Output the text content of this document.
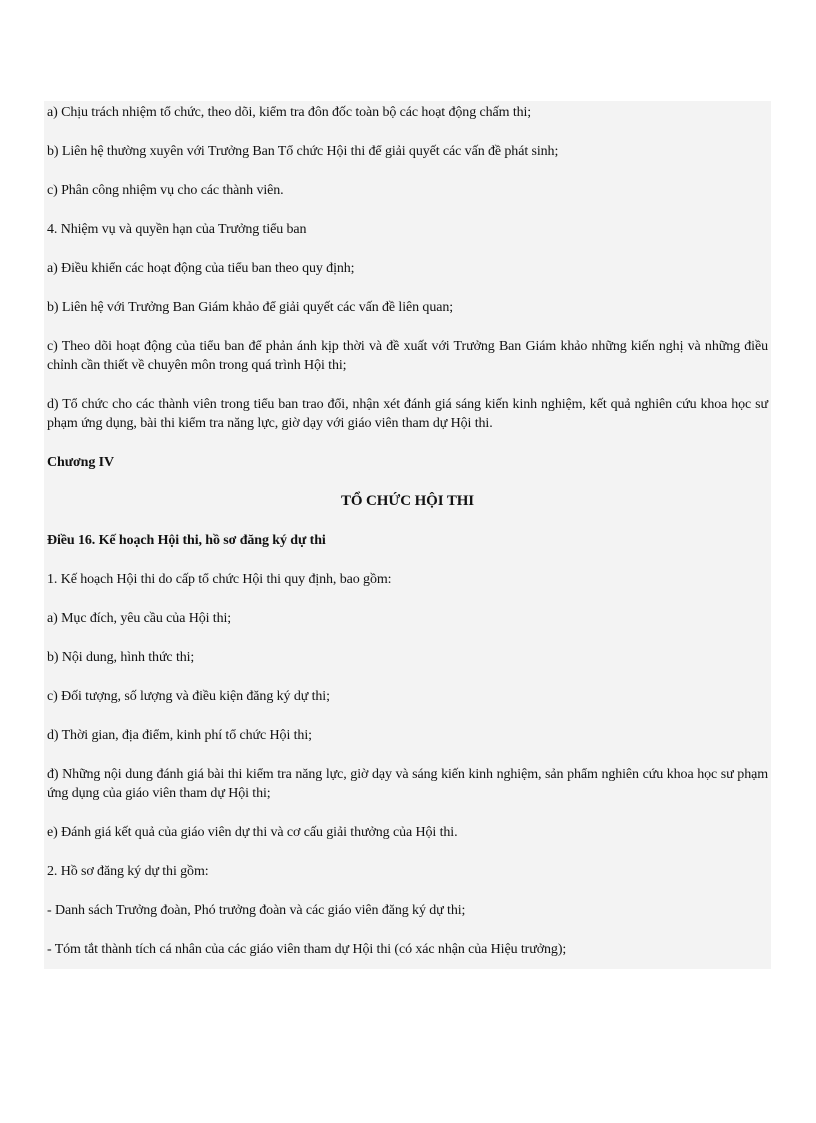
a) Chịu trách nhiệm tổ chức, theo dõi, kiểm tra đôn đốc toàn bộ các hoạt động chấm thi;

b) Liên hệ thường xuyên với Trưởng Ban Tổ chức Hội thi để giải quyết các vấn đề phát sinh;

c) Phân công nhiệm vụ cho các thành viên.

4. Nhiệm vụ và quyền hạn của Trưởng tiểu ban

a) Điều khiển các hoạt động của tiểu ban theo quy định;

b) Liên hệ với Trưởng Ban Giám khảo để giải quyết các vấn đề liên quan;

c) Theo dõi hoạt động của tiểu ban để phản ánh kịp thời và đề xuất với Trưởng Ban Giám khảo những kiến nghị và những điều chỉnh cần thiết về chuyên môn trong quá trình Hội thi;

d) Tổ chức cho các thành viên trong tiểu ban trao đổi, nhận xét đánh giá sáng kiến kinh nghiệm, kết quả nghiên cứu khoa học sư phạm ứng dụng, bài thi kiểm tra năng lực, giờ dạy với giáo viên tham dự Hội thi.

Chương IV

TỔ CHỨC HỘI THI

Điều 16. Kế hoạch Hội thi, hồ sơ đăng ký dự thi

1. Kế hoạch Hội thi do cấp tổ chức Hội thi quy định, bao gồm:

a) Mục đích, yêu cầu của Hội thi;

b) Nội dung, hình thức thi;

c) Đối tượng, số lượng và điều kiện đăng ký dự thi;

d) Thời gian, địa điểm, kinh phí tổ chức Hội thi;

đ) Những nội dung đánh giá bài thi kiểm tra năng lực, giờ dạy và sáng kiến kinh nghiệm, sản phẩm nghiên cứu khoa học sư phạm ứng dụng của giáo viên tham dự Hội thi;

e) Đánh giá kết quả của giáo viên dự thi và cơ cấu giải thưởng của Hội thi.

2. Hồ sơ đăng ký dự thi gồm:

- Danh sách Trưởng đoàn, Phó trưởng đoàn và các giáo viên đăng ký dự thi;

- Tóm tắt thành tích cá nhân của các giáo viên tham dự Hội thi (có xác nhận của Hiệu trưởng);
